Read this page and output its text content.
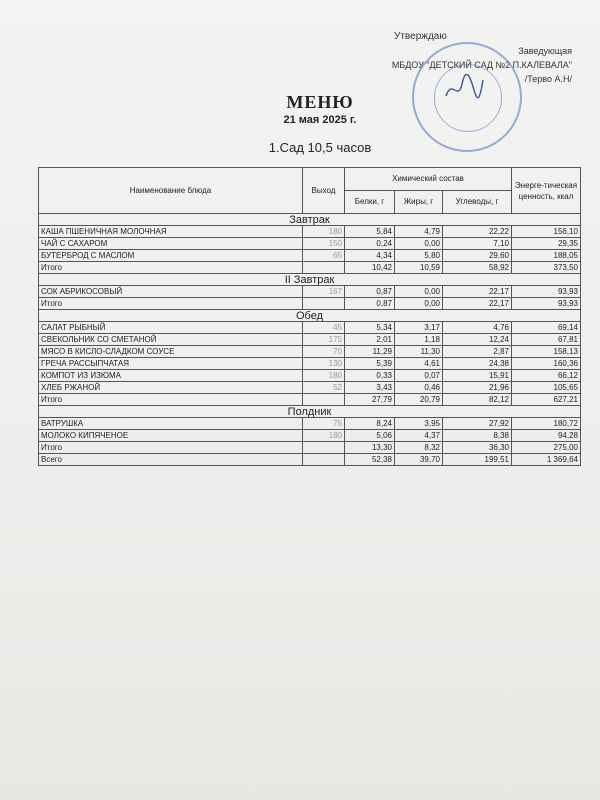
Утверждаю
Заведующая
МБДОУ "ДЕТСКИЙ САД №2 П.КАЛЕВАЛА"
/Терво А.Н/
МЕНЮ
21 мая 2025 г.
1.Сад 10,5 часов
Наименование блюда	Выход	Химический состав			Энерге-тическая ценность, ккал
		Белки, г	Жиры, г	Углеводы, г	
Завтрак					
КАША ПШЕНИЧНАЯ МОЛОЧНАЯ	180	5,84	4,79	22,22	156,10
ЧАЙ С САХАРОМ	150	0,24	0,00	7,10	29,35
БУТЕРБРОД С МАСЛОМ	65	4,34	5,80	29,60	188,05
Итого		10,42	10,59	58,92	373,50
II Завтрак					
СОК АБРИКОСОВЫЙ	167	0,87	0,00	22,17	93,93
Итого		0,87	0,00	22,17	93,93
Обед					
САЛАТ РЫБНЫЙ	45	5,34	3,17	4,76	69,14
СВЕКОЛЬНИК СО СМЕТАНОЙ	175	2,01	1,18	12,24	67,81
МЯСО В КИСЛО-СЛАДКОМ СОУСЕ	70	11,29	11,30	2,87	158,13
ГРЕЧА РАССЫПЧАТАЯ	130	5,39	4,61	24,38	160,36
КОМПОТ ИЗ ИЗЮМА	180	0,33	0,07	15,91	66,12
ХЛЕБ РЖАНОЙ	52	3,43	0,46	21,96	105,65
Итого		27,79	20,79	82,12	627,21
Полдник					
ВАТРУШКА	75	8,24	3,95	27,92	180,72
МОЛОКО КИПЯЧЕНОЕ	180	5,06	4,37	8,38	94,28
Итого		13,30	8,32	36,30	275,00
Всего		52,38	39,70	199,51	1 369,64
